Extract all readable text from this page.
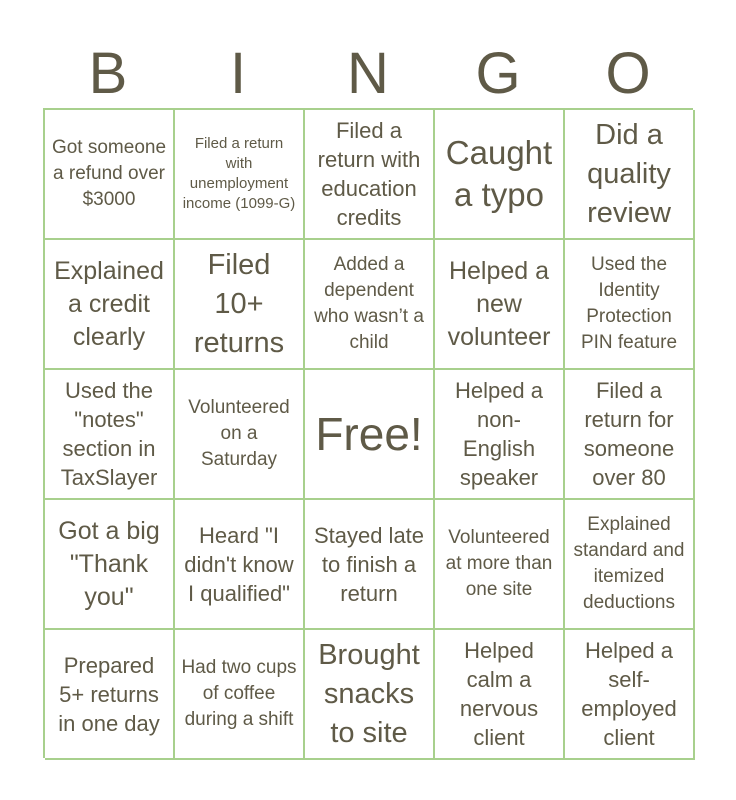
B	I	N	G	O
Got someone a refund over $3000
Filed a return with unemployment income (1099-G)
Filed a return with education credits
Caught a typo
Did a quality review
Explained a credit clearly
Filed 10+ returns
Added a dependent who wasn’t a child
Helped a new volunteer
Used the Identity Protection PIN feature
Used the "notes" section in TaxSlayer
Volunteered on a Saturday Free!
Helped a non-English speaker
Filed a return for someone over 80
Got a big "Thank you"
Heard "I didn't know I qualified"
Stayed late to finish a return
Volunteered at more than one site
Explained standard and itemized deductions
Prepared 5+ returns in one day
Had two cups of coffee during a shift
Brought snacks to site
Helped calm a nervous client
Helped a self-employed client
